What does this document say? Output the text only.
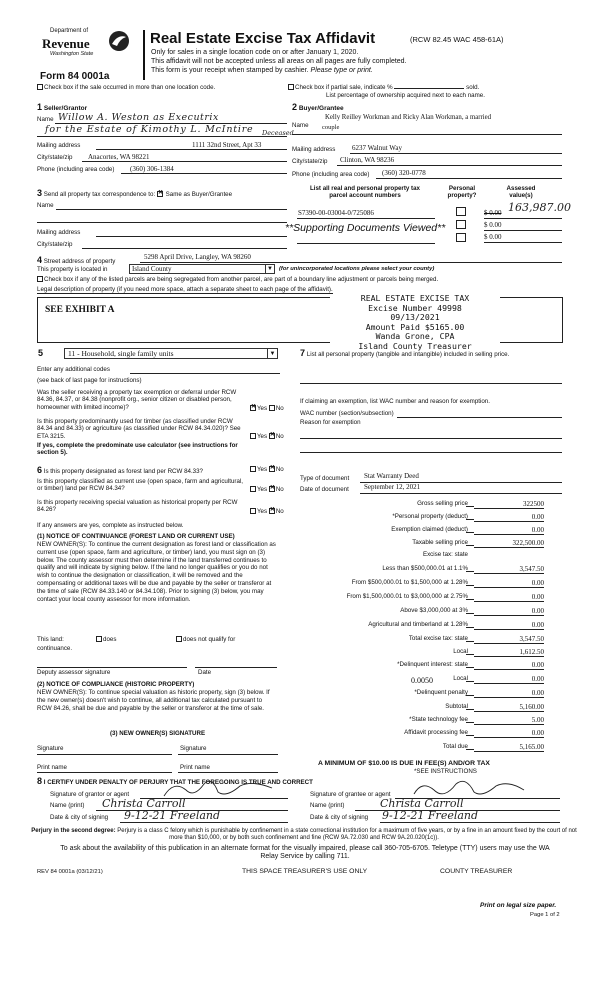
Department of
Revenue
Washington State
Form 84 0001a
Real Estate Excise Tax Affidavit	(RCW 82.45 WAC 458-61A)
Only for sales in a single location code on or after January 1, 2020.
This affidavit will not be accepted unless all areas on all pages are fully completed.
This form is your receipt when stamped by cashier. Please type or print.
Check box if the sale occurred in more than one location code.	Check box if partial sale, indicate %	sold.
List percentage of ownership acquired next to each name.
1 Seller/Grantor
Name Willow A. Weston as Executrix
for the Estate of Kimothy L. McIntire Deceased
Mailing address	1111 32nd Street, Apt 33
City/state/zip Anacortes, WA 98221
Phone (including area code) (360) 306-1384
2 Buyer/Grantee
Kelly Reilley Workman and Ricky Alan Workman, a married
Name couple
Mailing address 6237 Walnut Way
City/state/zip Clinton, WA 98236
Phone (including area code) (360) 320-0778
3 Send all property tax correspondence to: ✕ Same as Buyer/Grantee
Name
Mailing address
City/state/zip
List all real and personal property tax
parcel account numbers
Personal
property?
Assessed
value(s)
S7390-00-03004-0/725086	$ 0.00 163,987.00
**Supporting Documents Viewed**	$ 0.00
$ 0.00
4 Street address of property
5298 April Drive, Langley, WA 98260
This property is located in	Island County	▼ (for unincorporated locations please select your county)
Check box if any of the listed parcels are being segregated from another parcel, are part of a boundary line adjustment or parcels being merged.
Legal description of property (if you need more space, attach a separate sheet to each page of the affidavit).
SEE EXHIBIT A
REAL ESTATE EXCISE TAX
Excise Number 49998
09/13/2021
Amount Paid $5165.00
Wanda Grone, CPA
Island County Treasurer
5	11 - Household, single family units	▼
Enter any additional codes
(see back of last page for instructions)
Was the seller receiving a property tax exemption or deferral under RCW 84.36, 84.37, or 84.38 (nonprofit org., senior citizen or disabled person, homeowner with limited income)? ✕	Yes No
Is this property predominantly used for timber (as classified under RCW 84.34 and 84.33) or agriculture (as classified under RCW 84.34.020)? See ETA 3215.	Yes ✕ No
If yes, complete the predominate use calculator (see instructions for section 5).
6 Is this property designated as forest land per RCW 84.33?	Yes ✕ No
Is this property classified as current use (open space, farm and agricultural, or timber) land per RCW 84.34?	Yes ✕ No
Is this property receiving special valuation as historical property per RCW 84.26?	Yes ✕ No
If any answers are yes, complete as instructed below.
(1) NOTICE OF CONTINUANCE (FOREST LAND OR CURRENT USE)
NEW OWNER(S): To continue the current designation as forest land or classification as current use (open space, farm and agriculture, or timber) land, you must sign on (3) below. The county assessor must then determine if the land transferred continues to qualify and will indicate by signing below. If the land no longer qualifies or you do not wish to continue the designation or classification, it will be removed and the compensating or additional taxes will be due and payable by the seller or transferor at the time of sale (RCW 84.33.140 or 84.34.108). Prior to signing (3) below, you may contact your local county assessor for more information.
This land:	does	does not qualify for
continuance.
Deputy assessor signature	Date
(2) NOTICE OF COMPLIANCE (HISTORIC PROPERTY)
NEW OWNER(S): To continue special valuation as historic property, sign (3) below. If the new owner(s) doesn't wish to continue, all additional tax calculated pursuant to RCW 84.26, shall be due and payable by the seller or transferor at the time of sale.
(3) NEW OWNER(S) SIGNATURE
Signature	Signature
Print name	Print name
7 List all personal property (tangible and intangible) included in selling price.
If claiming an exemption, list WAC number and reason for exemption.
WAC number (section/subsection)
Reason for exemption
Type of document Stat Warranty Deed
Date of document September 12, 2021
Gross selling price	322500
*Personal property (deduct)	0.00
Exemption claimed (deduct)	0.00
Taxable selling price	322,500.00
Excise tax: state
Less than $500,000.01 at 1.1%	3,547.50
From $500,000.01 to $1,500,000 at 1.28%	0.00
From $1,500,000.01 to $3,000,000 at 2.75%	0.00
Above $3,000,000 at 3%	0.00
Agricultural and timberland at 1.28%	0.00
Total excise tax: state	3,547.50
Local	1,612.50
*Delinquent interest: state	0.00
Local	0.00
*Delinquent penalty	0.00
Subtotal	5,160.00
*State technology fee	5.00
Affidavit processing fee	0.00
Total due	5,165.00
0.0050
A MINIMUM OF $10.00 IS DUE IN FEE(S) AND/OR TAX
*SEE INSTRUCTIONS
8 I CERTIFY UNDER PENALTY OF PERJURY THAT THE FOREGOING IS TRUE AND CORRECT
Signature of grantor or agent
Name (print) Christa Carroll
Date & city of signing 9-12-21 Freeland
Signature of grantee or agent
Name (print)	Christa Carroll
Date & city of signing 9-12-21 Freeland
Perjury in the second degree: Perjury is a class C felony which is punishable by confinement in a state correctional institution for a maximum of five years, or by a fine in an amount fixed by the court of not more than $10,000, or by both such confinement and fine (RCW 9A.72.030 and RCW 9A.20.020(1c)).
To ask about the availability of this publication in an alternate format for the visually impaired, please call 360-705-6705. Teletype (TTY) users may use the WA Relay Service by calling 711.
REV 84 0001a (03/12/21)	THIS SPACE TREASURER'S USE ONLY	COUNTY TREASURER
Print on legal size paper.
Page 1 of 2
